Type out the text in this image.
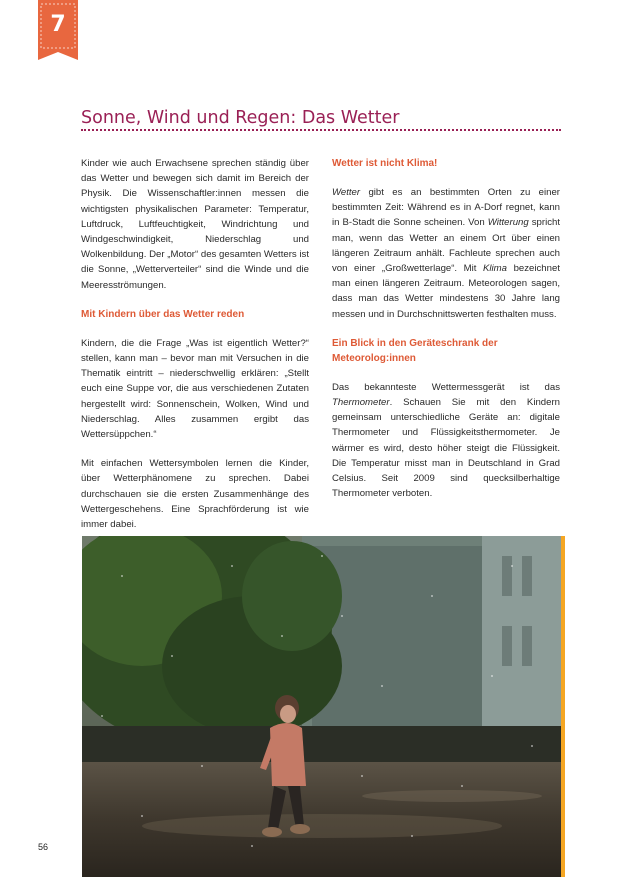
7
Sonne, Wind und Regen: Das Wetter

Kinder wie auch Erwachsene sprechen ständig über das Wetter und bewegen sich damit im Bereich der Physik. Die Wissenschaftler:innen messen die wichtigsten physikalischen Parameter: Temperatur, Luftdruck, Luftfeuchtigkeit, Windrichtung und Windgeschwindigkeit, Niederschlag und Wolkenbildung. Der „Motor“ des gesamten Wetters ist die Sonne, „Wetterverteiler“ sind die Winde und die Meeresströmungen.

Mit Kindern über das Wetter reden

Kindern, die die Frage „Was ist eigentlich Wetter?“ stellen, kann man – bevor man mit Versuchen in die Thematik eintritt – niederschwellig erklären: „Stellt euch eine Suppe vor, die aus verschiedenen Zutaten hergestellt wird: Sonnenschein, Wolken, Wind und Niederschlag. Alles zusammen ergibt das Wettersüppchen.“

Mit einfachen Wettersymbolen lernen die Kinder, über Wetterphänomene zu sprechen. Dabei durchschauen sie die ersten Zusammenhänge des Wettergeschehens. Eine Sprachförderung ist wie immer dabei.

Wetter ist nicht Klima!

Wetter gibt es an bestimmten Orten zu einer bestimmten Zeit: Während es in A-Dorf regnet, kann in B-Stadt die Sonne scheinen. Von Witterung spricht man, wenn das Wetter an einem Ort über einen längeren Zeitraum anhält. Fachleute sprechen auch von einer „Großwetterlage“. Mit Klima bezeichnet man einen längeren Zeitraum. Meteorologen sagen, dass man das Wetter mindestens 30 Jahre lang messen und in Durchschnittswerten festhalten muss.

Ein Blick in den Geräteschrank der Meteorolog:innen

Das bekannteste Wettermessgerät ist das Thermometer. Schauen Sie mit den Kindern gemeinsam unterschiedliche Geräte an: digitale Thermometer und Flüssigkeitsthermometer. Je wärmer es wird, desto höher steigt die Flüssigkeit. Die Temperatur misst man in Deutschland in Grad Celsius. Seit 2009 sind quecksilberhaltige Thermometer verboten.

56
